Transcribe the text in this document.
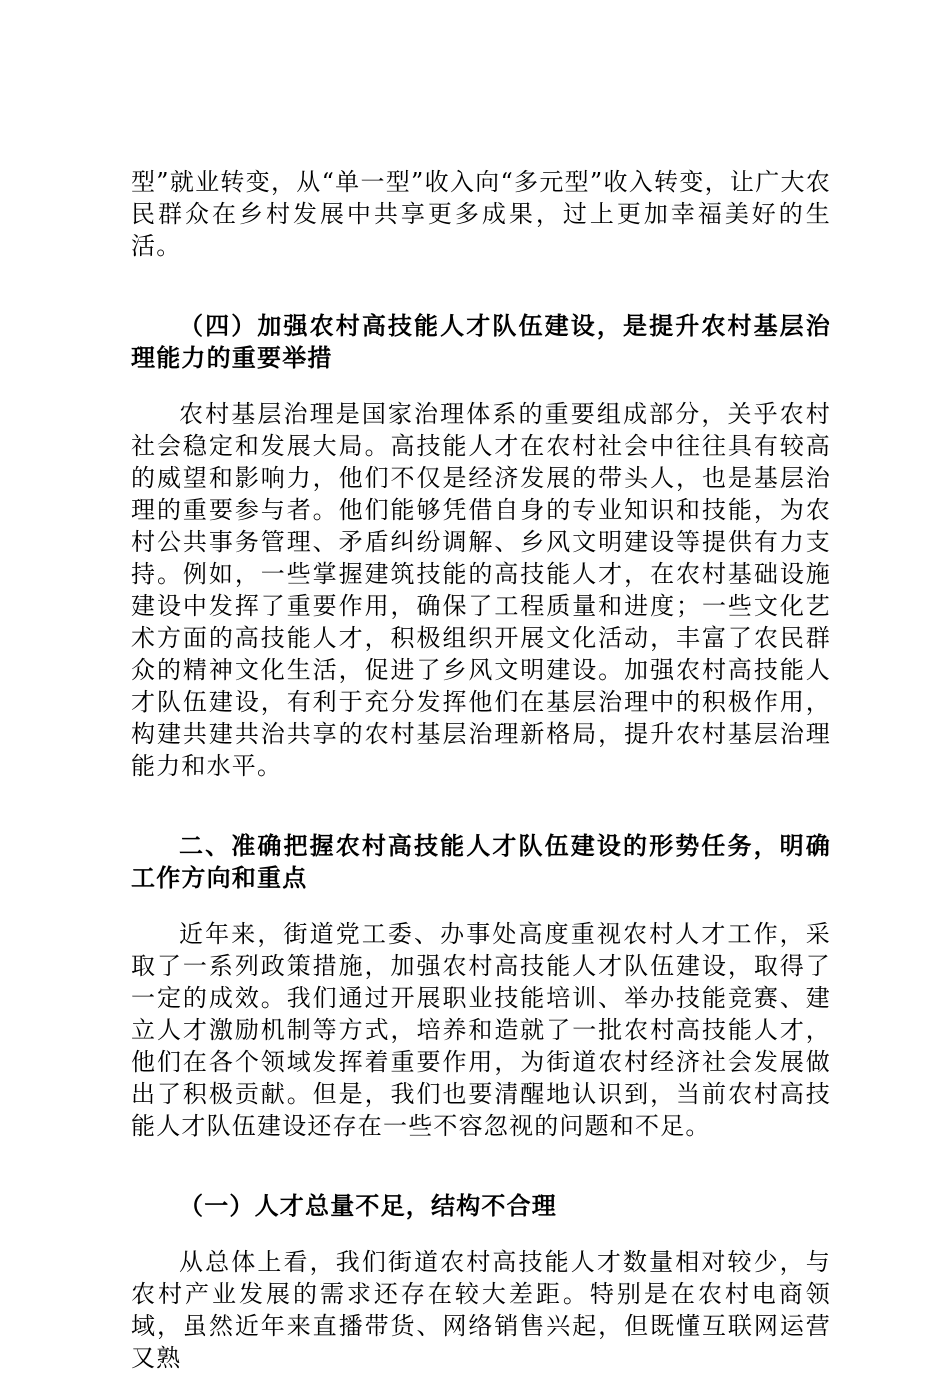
型”就业转变，从“单一型”收入向“多元型”收入转变，让广大农民群众在乡村发展中共享更多成果，过上更加幸福美好的生活。

（四）加强农村高技能人才队伍建设，是提升农村基层治理能力的重要举措

农村基层治理是国家治理体系的重要组成部分，关乎农村社会稳定和发展大局。高技能人才在农村社会中往往具有较高的威望和影响力，他们不仅是经济发展的带头人，也是基层治理的重要参与者。他们能够凭借自身的专业知识和技能，为农村公共事务管理、矛盾纠纷调解、乡风文明建设等提供有力支持。例如，一些掌握建筑技能的高技能人才，在农村基础设施建设中发挥了重要作用，确保了工程质量和进度；一些文化艺术方面的高技能人才，积极组织开展文化活动，丰富了农民群众的精神文化生活，促进了乡风文明建设。加强农村高技能人才队伍建设，有利于充分发挥他们在基层治理中的积极作用，构建共建共治共享的农村基层治理新格局，提升农村基层治理能力和水平。

二、准确把握农村高技能人才队伍建设的形势任务，明确工作方向和重点

近年来，街道党工委、办事处高度重视农村人才工作，采取了一系列政策措施，加强农村高技能人才队伍建设，取得了一定的成效。我们通过开展职业技能培训、举办技能竞赛、建立人才激励机制等方式，培养和造就了一批农村高技能人才，他们在各个领域发挥着重要作用，为街道农村经济社会发展做出了积极贡献。但是，我们也要清醒地认识到，当前农村高技能人才队伍建设还存在一些不容忽视的问题和不足。

（一）人才总量不足，结构不合理

从总体上看，我们街道农村高技能人才数量相对较少，与农村产业发展的需求还存在较大差距。特别是在农村电商领域，虽然近年来直播带货、网络销售兴起，但既懂互联网运营又熟
